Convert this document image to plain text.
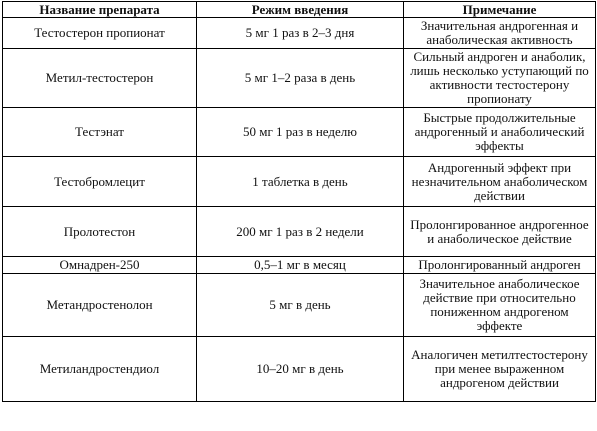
Название препарата	Режим введения	Примечание
Тестостерон пропионат	5 мг 1 раз в 2–3 дня	Значительная андрогенная и анаболическая активность
Метил-тестостерон	5 мг 1–2 раза в день	Сильный андроген и анаболик, лишь несколько уступающий по активности тестостерону пропионату
Тестэнат	50 мг 1 раз в неделю	Быстрые продолжительные андрогенный и анаболический эффекты
Тестобромлецит	1 таблетка в день	Андрогенный эффект при незначительном анаболическом действии
Пролотестон	200 мг 1 раз в 2 недели	Пролонгированное андрогенное и анаболическое действие
Омнадрен-250	0,5–1 мг в месяц	Пролонгированный андроген
Метандростенолон	5 мг в день	Значительное анаболическое действие при относительно пониженном андрогеном эффекте
Метиландростендиол	10–20 мг в день	Аналогичен метилтестостерону при менее выраженном андрогеном действии
